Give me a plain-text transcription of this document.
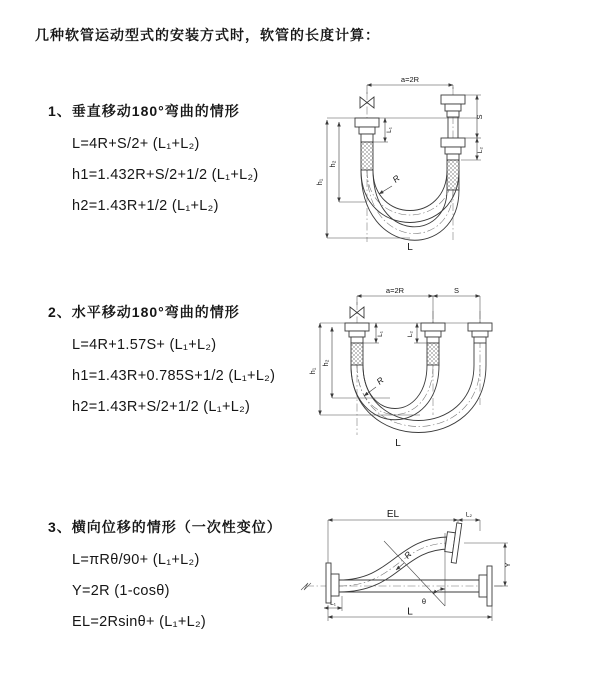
几种软管运动型式的安装方式时，软管的长度计算：
1、垂直移动180°弯曲的情形
L=4R+S/2+ (L₁+L₂)
h1=1.432R+S/2+1/2 (L₁+L₂)
h2=1.43R+1/2 (L₁+L₂)
2、水平移动180°弯曲的情形
L=4R+1.57S+ (L₁+L₂)
h1=1.43R+0.785S+1/2 (L₁+L₂)
h2=1.43R+S/2+1/2 (L₁+L₂)
3、横向位移的情形（一次性变位）
L=πRθ/90+ (L₁+L₂)
Y=2R (1-cosθ)
EL=2Rsinθ+ (L₁+L₂)
a=2R
R
L
h₁
h₂
L₁
S
L₂
a=2R	S
R
L
h₁
h₂
L₁	L₂
EL	L₂
Y
θ
R
L
L₁
